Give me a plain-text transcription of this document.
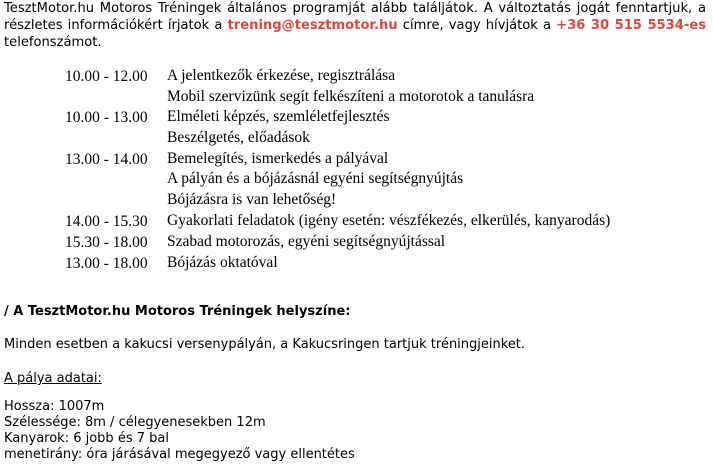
TesztMotor.hu Motoros Tréningek általános programját alább találjátok. A változtatás jogát fenntartjuk, a részletes információkért írjatok a trening@tesztmotor.hu címre, vagy hívjátok a +36 30 515 5534-es telefonszámot.
10.00 - 12.00	A jelentkezők érkezése, regisztrálása
Mobil szervizünk segít felkészíteni a motorotok a tanulásra
10.00 - 13.00	Elméleti képzés, szemléletfejlesztés
Beszélgetés, előadások
13.00 - 14.00	Bemelegítés, ismerkedés a pályával
A pályán és a bójázásnál egyéni segítségnyújtás
Bójázásra is van lehetőség!
14.00 - 15.30	Gyakorlati feladatok (igény esetén: vészfékezés, elkerülés, kanyarodás)
15.30 - 18.00	Szabad motorozás, egyéni segítségnyújtással
13.00 - 18.00	Bójázás oktatóval
/ A TesztMotor.hu Motoros Tréningek helyszíne:
Minden esetben a kakucsi versenypályán, a Kakucsringen tartjuk tréningjeinket.
A pálya adatai:
Hossza: 1007m
Szélessége: 8m / célegyenesekben 12m
Kanyarok: 6 jobb és 7 bal
menetirány: óra járásával megegyező vagy ellentétes
